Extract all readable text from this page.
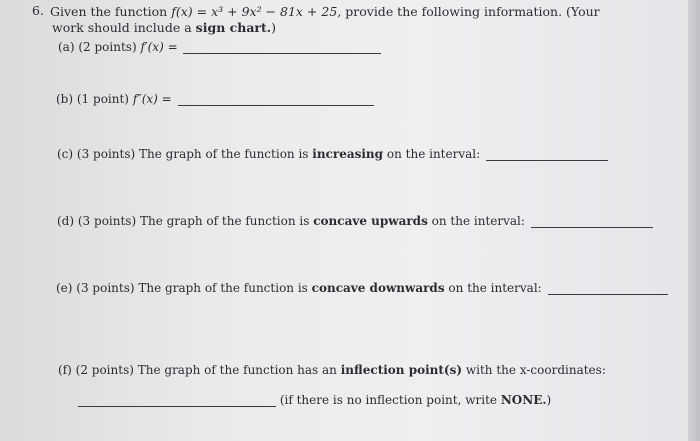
6. Given the function f(x) = x³ + 9x² − 81x + 25, provide the following information. (Your
work should include a sign chart.)
(a) (2 points) f′(x) =
(b) (1 point) f″(x) =
(c) (3 points) The graph of the function is increasing on the interval:
(d) (3 points) The graph of the function is concave upwards on the interval:
(e) (3 points) The graph of the function is concave downwards on the interval:
(f) (2 points) The graph of the function has an inflection point(s) with the x-coordinates:
(if there is no inflection point, write NONE.)
